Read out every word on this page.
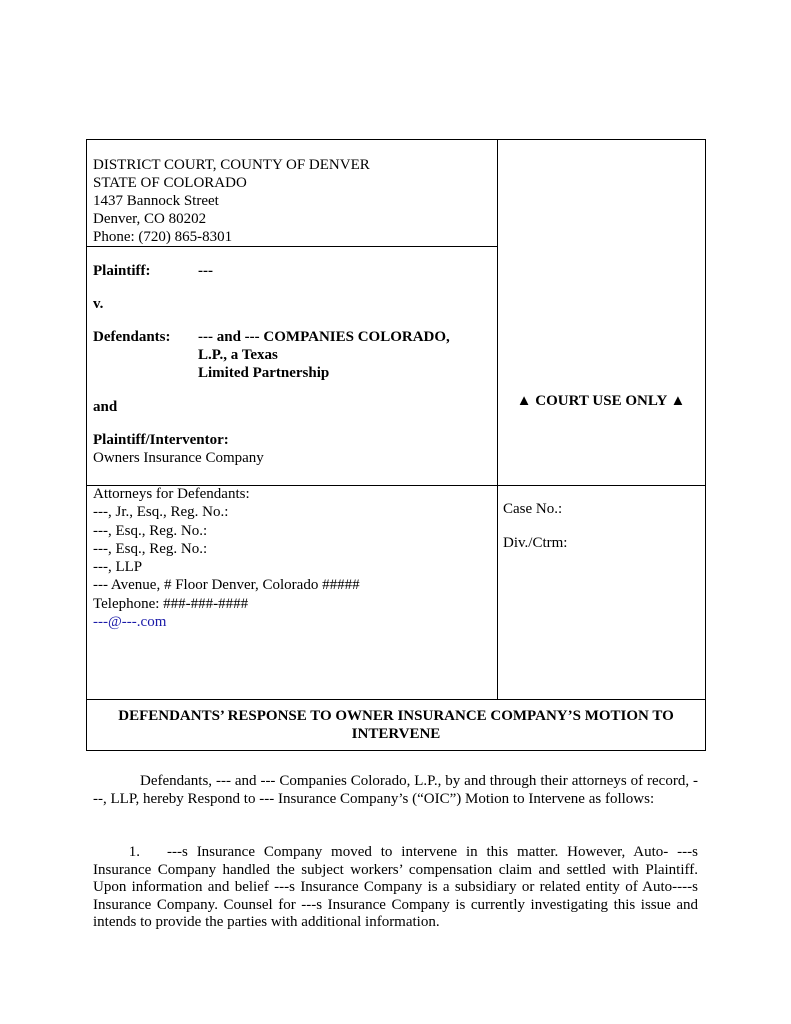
DISTRICT COURT, COUNTY OF DENVER
STATE OF COLORADO
1437 Bannock Street
Denver, CO 80202
Phone: (720) 865-8301
Plaintiff:	---
v.
Defendants: --- and --- COMPANIES COLORADO,
L.P., a Texas
Limited Partnership
and
Plaintiff/Interventor:
Owners Insurance Company
▲ COURT USE ONLY ▲
Attorneys for Defendants:
---, Jr., Esq., Reg. No.:
---, Esq., Reg. No.:
---, Esq., Reg. No.:
---, LLP
--- Avenue, # Floor Denver, Colorado #####
Telephone: ###-###-####
---@---.com
Case No.:
Div./Ctrm:
DEFENDANTS’ RESPONSE TO OWNER INSURANCE COMPANY’S MOTION TO
INTERVENE
Defendants, --- and --- Companies Colorado, L.P., by and through their attorneys of record, ---, LLP, hereby Respond to --- Insurance Company’s (“OIC”) Motion to Intervene as follows:
1. ---s Insurance Company moved to intervene in this matter. However, Auto- ---s Insurance Company handled the subject workers’ compensation claim and settled with Plaintiff. Upon information and belief ---s Insurance Company is a subsidiary or related entity of Auto----s Insurance Company. Counsel for ---s Insurance Company is currently investigating this issue and intends to provide the parties with additional information.
